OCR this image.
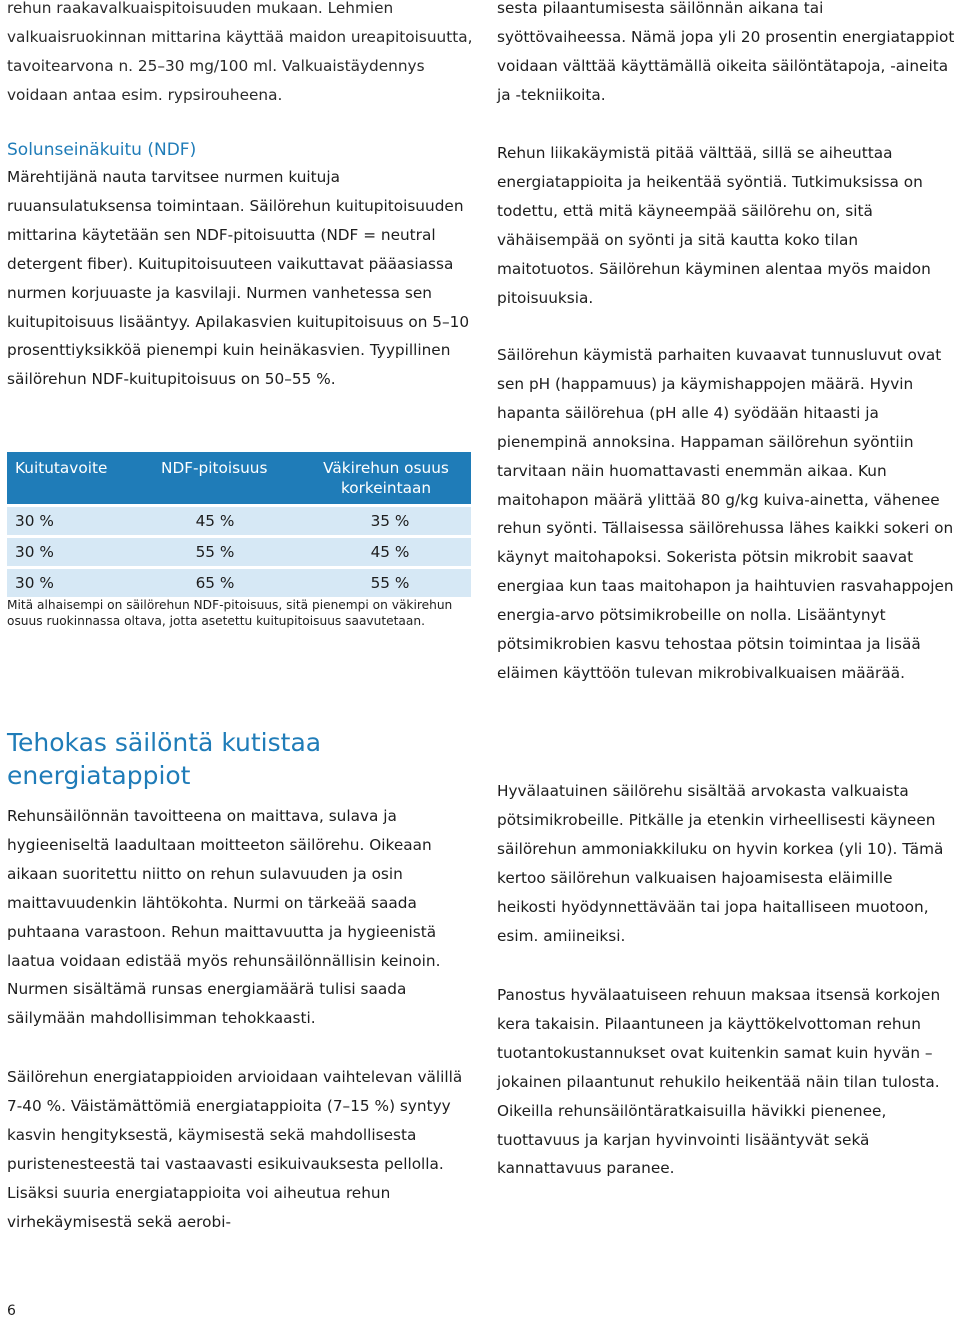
rehun raakavalkuaispitoisuuden mukaan. Lehmien valkuaisruokinnan mittarina käyttää maidon ureapitoisuutta, tavoitearvona n. 25–30 mg/100 ml. Valkuaistäydennys voidaan antaa esim. rypsirouheena.

Solunseinäkuitu (NDF)

Märehtijänä nauta tarvitsee nurmen kuituja ruuansulatuksensa toimintaan. Säilörehun kuitupitoisuuden mittarina käytetään sen NDF-pitoisuutta (NDF = neutral detergent fiber). Kuitupitoisuuteen vaikuttavat pääasiassa nurmen korjuuaste ja kasvilaji. Nurmen vanhetessa sen kuitupitoisuus lisääntyy. Apilakasvien kuitupitoisuus on 5–10 prosenttiyksikköä pienempi kuin heinäkasvien. Tyypillinen säilörehun NDF-kuitupitoisuus on 50–55 %.

Kuitutavoite	NDF-pitoisuus	Väkirehun osuus korkeintaan
30 %	45 %	35 %
30 %	55 %	45 %
30 %	65 %	55 %

Mitä alhaisempi on säilörehun NDF-pitoisuus, sitä pienempi on väkirehun osuus ruokinnassa oltava, jotta asetettu kuitupitoisuus saavutetaan.

Tehokas säilöntä kutistaa energiatappiot

Rehunsäilönnän tavoitteena on maittava, sulava ja hygieeniseltä laadultaan moitteeton säilörehu. Oikeaan aikaan suoritettu niitto on rehun sulavuuden ja osin maittavuudenkin lähtökohta. Nurmi on tärkeää saada puhtaana varastoon. Rehun maittavuutta ja hygieenistä laatua voidaan edistää myös rehunsäilönnällisin keinoin. Nurmen sisältämä runsas energiamäärä tulisi saada säilymään mahdollisimman tehokkaasti.

Säilörehun energiatappioiden arvioidaan vaihtelevan välillä 7-40 %. Väistämättömiä energiatappioita (7–15 %) syntyy kasvin hengityksestä, käymisestä sekä mahdollisesta puristenesteestä tai vastaavasti esikuivauksesta pellolla. Lisäksi suuria energiatappioita voi aiheutua rehun virhekäymisestä sekä aerobi-

sesta pilaantumisesta säilönnän aikana tai syöttövaiheessa. Nämä jopa yli 20 prosentin energiatappiot voidaan välttää käyttämällä oikeita säilöntätapoja, -aineita ja -tekniikoita.

Rehun liikakäymistä pitää välttää, sillä se aiheuttaa energiatappioita ja heikentää syöntiä. Tutkimuksissa on todettu, että mitä käyneempää säilörehu on, sitä vähäisempää on syönti ja sitä kautta koko tilan maitotuotos. Säilörehun käyminen alentaa myös maidon pitoisuuksia.

Säilörehun käymistä parhaiten kuvaavat tunnusluvut ovat sen pH (happamuus) ja käymishappojen määrä. Hyvin hapanta säilörehua (pH alle 4) syödään hitaasti ja pienempinä annoksina. Happaman säilörehun syöntiin tarvitaan näin huomattavasti enemmän aikaa. Kun maitohapon määrä ylittää 80 g/kg kuiva-ainetta, vähenee rehun syönti. Tällaisessa säilörehussa lähes kaikki sokeri on käynyt maitohapoksi. Sokerista pötsin mikrobit saavat energiaa kun taas maitohapon ja haihtuvien rasvahappojen energia-arvo pötsimikrobeille on nolla. Lisääntynyt pötsimikrobien kasvu tehostaa pötsin toimintaa ja lisää eläimen käyttöön tulevan mikrobivalkuaisen määrää.

Hyvälaatuinen säilörehu sisältää arvokasta valkuaista pötsimikrobeille. Pitkälle ja etenkin virheellisesti käyneen säilörehun ammoniakkiluku on hyvin korkea (yli 10). Tämä kertoo säilörehun valkuaisen hajoamisesta eläimille heikosti hyödynnettävään tai jopa haitalliseen muotoon, esim. amiineiksi.

Panostus hyvälaatuiseen rehuun maksaa itsensä korkojen kera takaisin. Pilaantuneen ja käyttökelvottoman rehun tuotantokustannukset ovat kuitenkin samat kuin hyvän – jokainen pilaantunut rehukilo heikentää näin tilan tulosta. Oikeilla rehunsäilöntäratkaisuilla hävikki pienenee, tuottavuus ja karjan hyvinvointi lisääntyvät sekä kannattavuus paranee.

6
